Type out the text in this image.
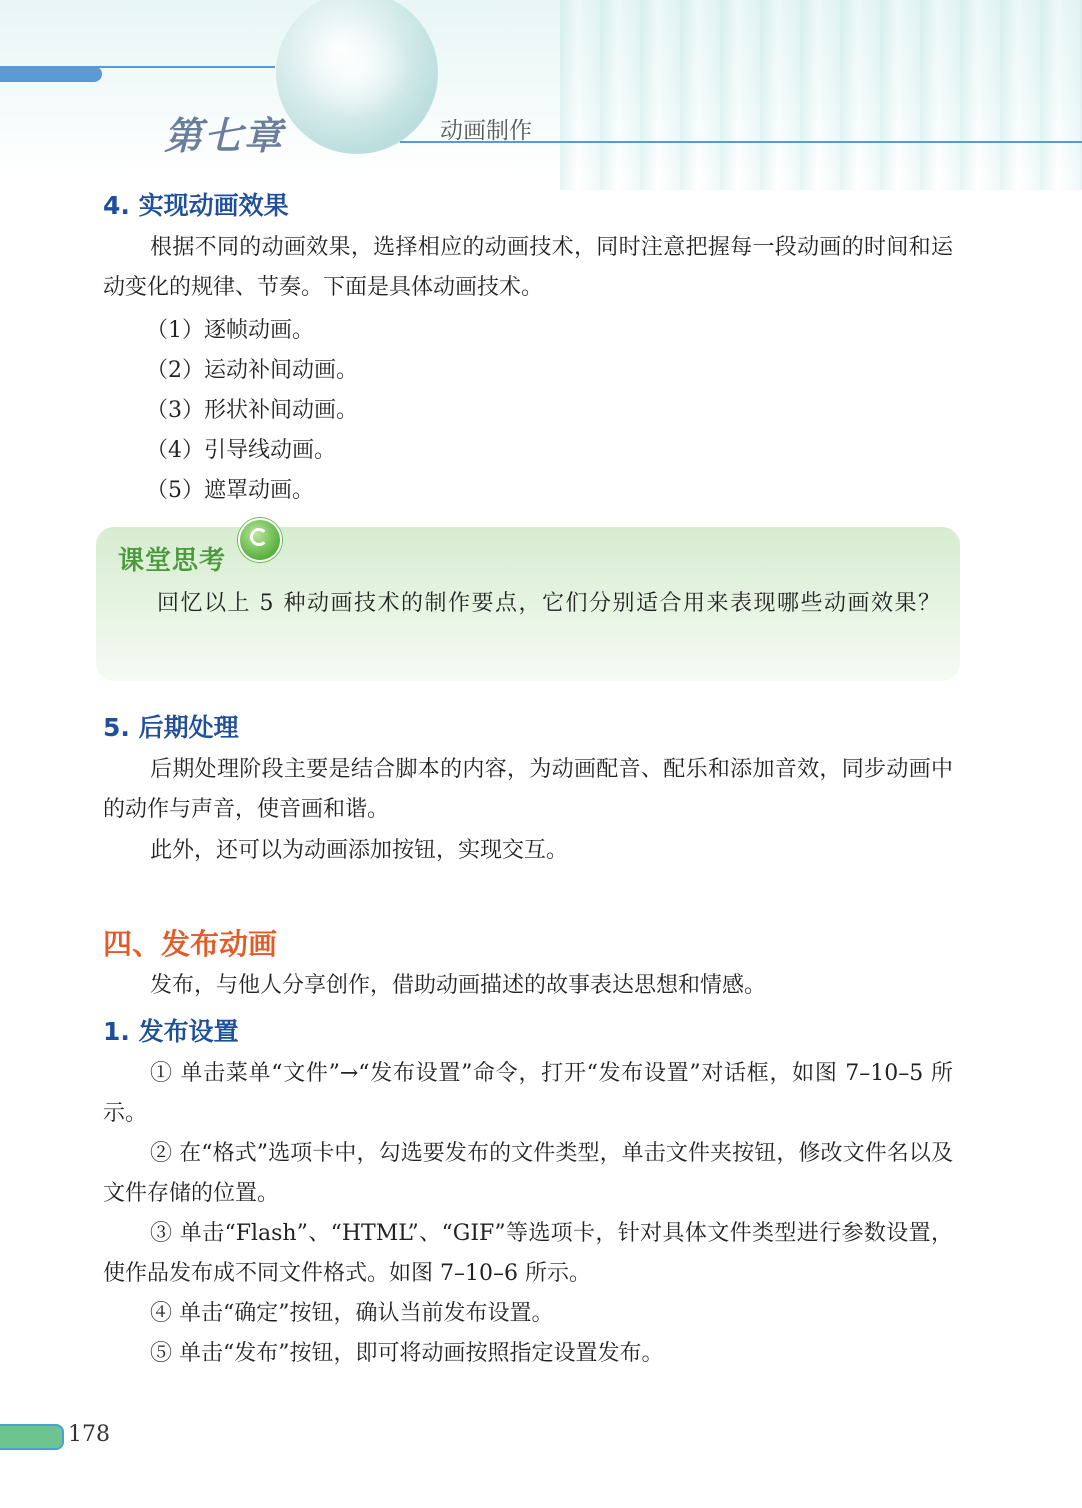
第七章	动画制作
4. 实现动画效果
根据不同的动画效果，选择相应的动画技术，同时注意把握每一段动画的时间和运动变化的规律、节奏。下面是具体动画技术。
（1）逐帧动画。
（2）运动补间动画。
（3）形状补间动画。
（4）引导线动画。
（5）遮罩动画。
课堂思考
回忆以上 5 种动画技术的制作要点，它们分别适合用来表现哪些动画效果？
5. 后期处理
后期处理阶段主要是结合脚本的内容，为动画配音、配乐和添加音效，同步动画中的动作与声音，使音画和谐。
此外，还可以为动画添加按钮，实现交互。
四、发布动画
发布，与他人分享创作，借助动画描述的故事表达思想和情感。
1. 发布设置
① 单击菜单“文件”→“发布设置”命令，打开“发布设置”对话框，如图 7–10–5 所示。
② 在“格式”选项卡中，勾选要发布的文件类型，单击文件夹按钮，修改文件名以及文件存储的位置。
③ 单击“Flash”、“HTML”、“GIF”等选项卡，针对具体文件类型进行参数设置，使作品发布成不同文件格式。如图 7–10–6 所示。
④ 单击“确定”按钮，确认当前发布设置。
⑤ 单击“发布”按钮，即可将动画按照指定设置发布。
178
